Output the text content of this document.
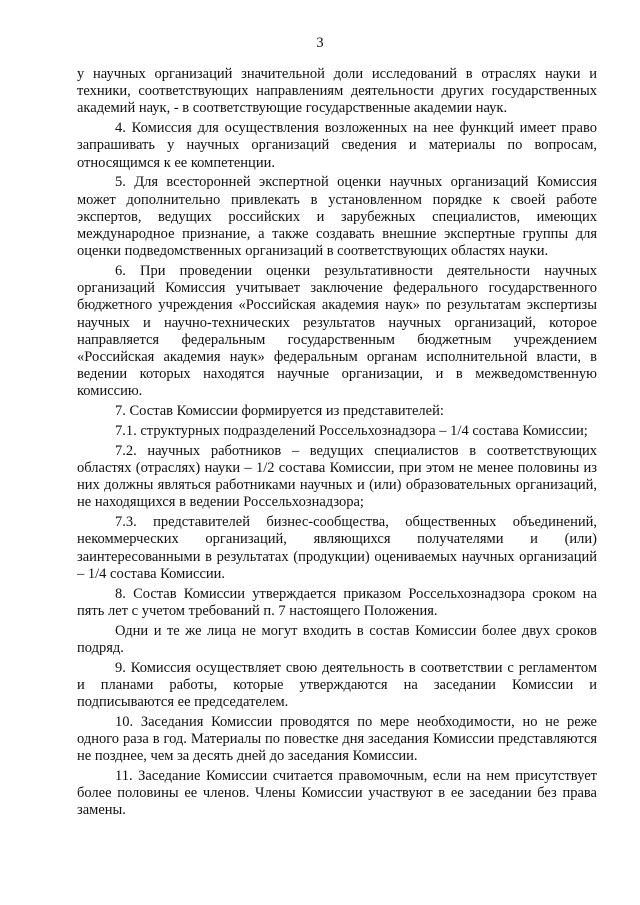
3

у научных организаций значительной доли исследований в отраслях науки и техники, соответствующих направлениям деятельности других государственных академий наук, - в соответствующие государственные академии наук.

4. Комиссия для осуществления возложенных на нее функций имеет право запрашивать у научных организаций сведения и материалы по вопросам, относящимся к ее компетенции.

5. Для всесторонней экспертной оценки научных организаций Комиссия может дополнительно привлекать в установленном порядке к своей работе экспертов, ведущих российских и зарубежных специалистов, имеющих международное признание, а также создавать внешние экспертные группы для оценки подведомственных организаций в соответствующих областях науки.

6. При проведении оценки результативности деятельности научных организаций Комиссия учитывает заключение федерального государственного бюджетного учреждения «Российская академия наук» по результатам экспертизы научных и научно-технических результатов научных организаций, которое направляется федеральным государственным бюджетным учреждением «Российская академия наук» федеральным органам исполнительной власти, в ведении которых находятся научные организации, и в межведомственную комиссию.

7. Состав Комиссии формируется из представителей:

7.1. структурных подразделений Россельхознадзора – 1/4 состава Комиссии;

7.2. научных работников – ведущих специалистов в соответствующих областях (отраслях) науки – 1/2 состава Комиссии, при этом не менее половины из них должны являться работниками научных и (или) образовательных организаций, не находящихся в ведении Россельхознадзора;

7.3. представителей бизнес-сообщества, общественных объединений, некоммерческих организаций, являющихся получателями и (или) заинтересованными в результатах (продукции) оцениваемых научных организаций – 1/4 состава Комиссии.

8. Состав Комиссии утверждается приказом Россельхознадзора сроком на пять лет с учетом требований п. 7 настоящего Положения.

Одни и те же лица не могут входить в состав Комиссии более двух сроков подряд.

9. Комиссия осуществляет свою деятельность в соответствии с регламентом и планами работы, которые утверждаются на заседании Комиссии и подписываются ее председателем.

10. Заседания Комиссии проводятся по мере необходимости, но не реже одного раза в год. Материалы по повестке дня заседания Комиссии представляются не позднее, чем за десять дней до заседания Комиссии.

11. Заседание Комиссии считается правомочным, если на нем присутствует более половины ее членов. Члены Комиссии участвуют в ее заседании без права замены.
